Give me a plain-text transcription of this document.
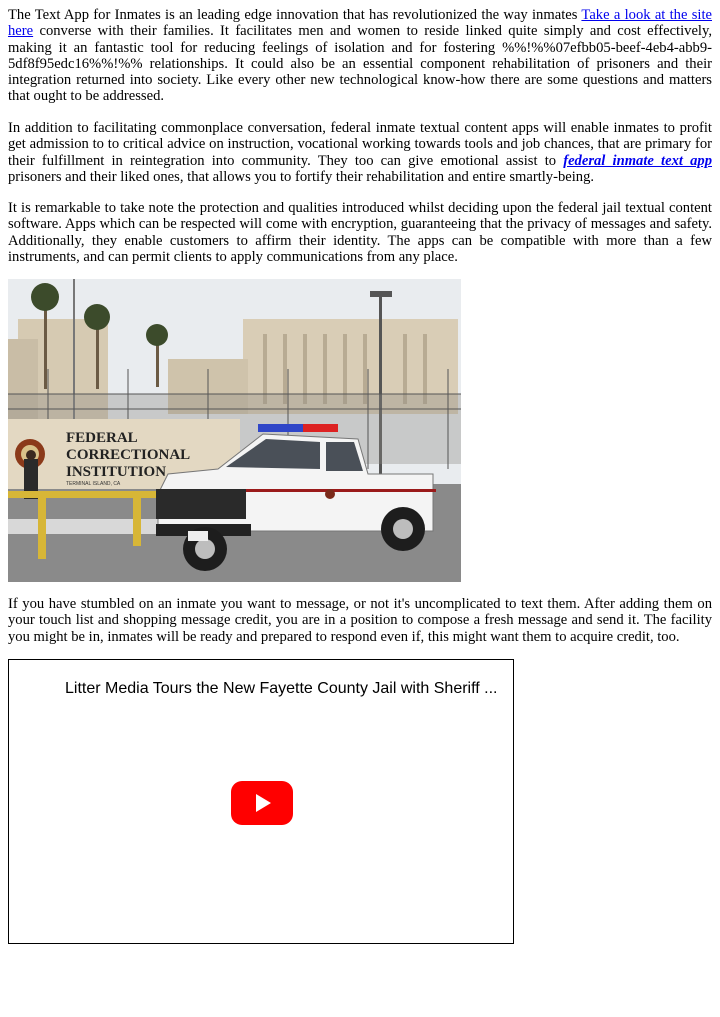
The Text App for Inmates is an leading edge innovation that has revolutionized the way inmates Take a look at the site here converse with their families. It facilitates men and women to reside linked quite simply and cost effectively, making it an fantastic tool for reducing feelings of isolation and for fostering %%!%%07efbb05-beef-4eb4-abb9-5df8f95edc16%%!%% relationships. It could also be an essential component rehabilitation of prisoners and their integration returned into society. Like every other new technological know-how there are some questions and matters that ought to be addressed.

In addition to facilitating commonplace conversation, federal inmate textual content apps will enable inmates to profit get admission to to critical advice on instruction, vocational working towards tools and job chances, that are primary for their fulfillment in reintegration into community. They too can give emotional assist to federal inmate text app prisoners and their liked ones, that allows you to fortify their rehabilitation and entire smartly-being.

It is remarkable to take note the protection and qualities introduced whilst deciding upon the federal jail textual content software. Apps which can be respected will come with encryption, guaranteeing that the privacy of messages and safety. Additionally, they enable customers to affirm their identity. The apps can be compatible with more than a few instruments, and can permit clients to apply communications from any place.

FEDERAL
CORRECTIONAL
INSTITUTION
TERMINAL ISLAND, CA

If you have stumbled on an inmate you want to message, or not it's uncomplicated to text them. After adding them on your touch list and shopping message credit, you are in a position to compose a fresh message and send it. The facility you might be in, inmates will be ready and prepared to respond even if, this might want them to acquire credit, too.

Litter Media Tours the New Fayette County Jail with Sheriff ...
